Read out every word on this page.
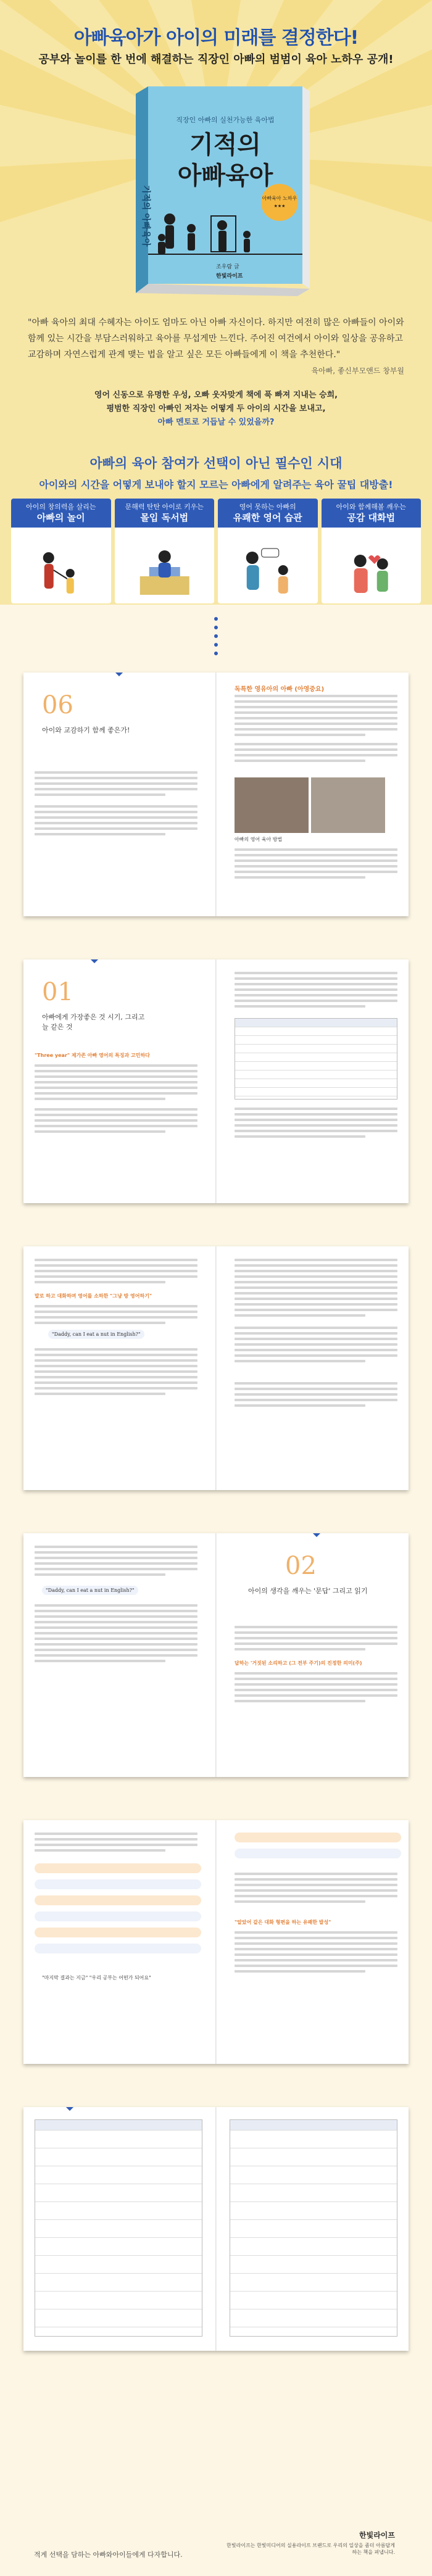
아빠육아가 아이의 미래를 결정한다!
공부와 놀이를 한 번에 해결하는 직장인 아빠의 범범이 육아 노하우 공개!
기적의 아빠육아	아빠육아 노하우
★★★
조우람 글
한빛라이프
직장인 아빠의 실천가능한 육아법
기적의
아빠육아
"아빠 육아의 최대 수혜자는 아이도 엄마도 아닌 아빠 자신이다. 하지만 여전히 많은 아빠들이 아이와 함께 있는 시간을 부담스러워하고 육아를 무섭게만 느낀다. 주어진 여건에서 아이와 일상을 공유하고 교감하며 자연스럽게 관계 맺는 법을 알고 싶은 모든 아빠들에게 이 책을 추천한다."
육아빠, 좋신부모앤드 창부월
영어 신동으로 유명한 우성, 오빠 웃자맞게 책에 푹 빠져 지내는 승희,
평범한 직장인 아빠인 저자는 어떻게 두 아이의 시간을 보내고,
아빠 멘토로 거듭날 수 있었을까?
아빠의 육아 참여가 선택이 아닌 필수인 시대
아이와의 시간을 어떻게 보내야 할지 모르는 아빠에게 알려주는 육아 꿀팁 대방출!
아이의 창의력을 살리는
아빠의 놀이
문해력 탄탄 아이로 키우는
몰입 독서법
영어 못하는 아빠의
유쾌한 영어 습관
아이와 함께해볼 깨우는
공감 대화법
06
아이와 교감하기 함께 좋은가!
독특한 영유아의 아빠 (아영중요)
아빠의 영어 육아 방법
01
아빠에게 가장좋은 것 시기, 그리고 늘 같은 것
"Three year" 제가존 아빠 영어의 특징과 고민하다
말로 하고 대화하며 영어를 소하한 "그냥 방 영어하기"
"Daddy, can I eat a nut in English?"
"Daddy, can I eat a nut in English?"
02
아이의 생각을 깨우는 '문답' 그리고 읽기
답하는 '거짓된 소리하고 (그 전부 주기)의 진정한 의미(주)
"마지막 결과는 지금" "우리 공부는 어떤가 되어요"
"알았어 같은 대화 형편을 하는 유쾌한 발성"
한빛라이프
한빛라이프는 한빛미디어의 실용라이프 브랜드로 우리의 일상을 좀더 아름답게 하는 책을 펴냅니다.
적게 선택을 담하는 아빠와아이들에게 다자합니다.
